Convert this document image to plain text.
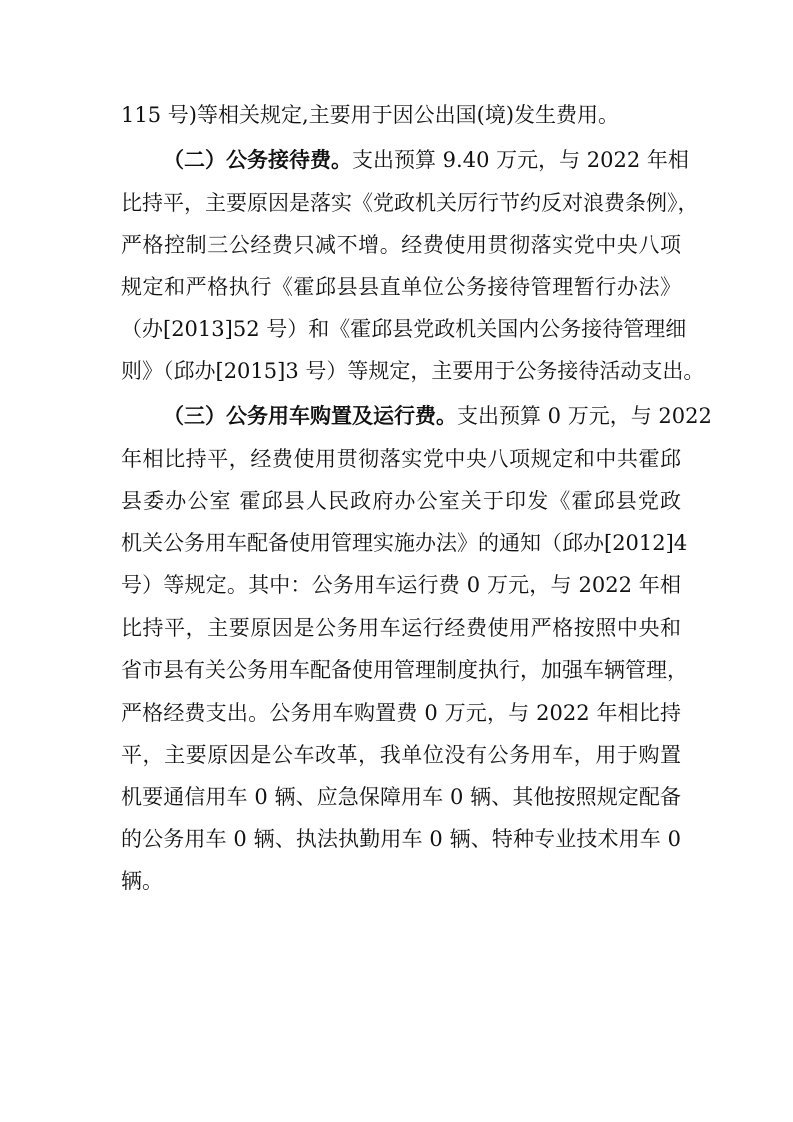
115 号)等相关规定,主要用于因公出国(境)发生费用。
（二）公务接待费。支出预算 9.40 万元，与 2022 年相
比持平，主要原因是落实《党政机关厉行节约反对浪费条例》，
严格控制三公经费只减不增。经费使用贯彻落实党中央八项
规定和严格执行《霍邱县县直单位公务接待管理暂行办法》
（办[2013]52 号）和《霍邱县党政机关国内公务接待管理细
则》（邱办[2015]3 号）等规定，主要用于公务接待活动支出。
（三）公务用车购置及运行费。支出预算 0 万元，与 2022
年相比持平，经费使用贯彻落实党中央八项规定和中共霍邱
县委办公室 霍邱县人民政府办公室关于印发《霍邱县党政
机关公务用车配备使用管理实施办法》的通知（邱办[2012]4
号）等规定。其中：公务用车运行费 0 万元，与 2022 年相
比持平，主要原因是公务用车运行经费使用严格按照中央和
省市县有关公务用车配备使用管理制度执行，加强车辆管理，
严格经费支出。公务用车购置费 0 万元，与 2022 年相比持
平，主要原因是公车改革，我单位没有公务用车，用于购置
机要通信用车 0 辆、应急保障用车 0 辆、其他按照规定配备
的公务用车 0 辆、执法执勤用车 0 辆、特种专业技术用车 0
辆。
